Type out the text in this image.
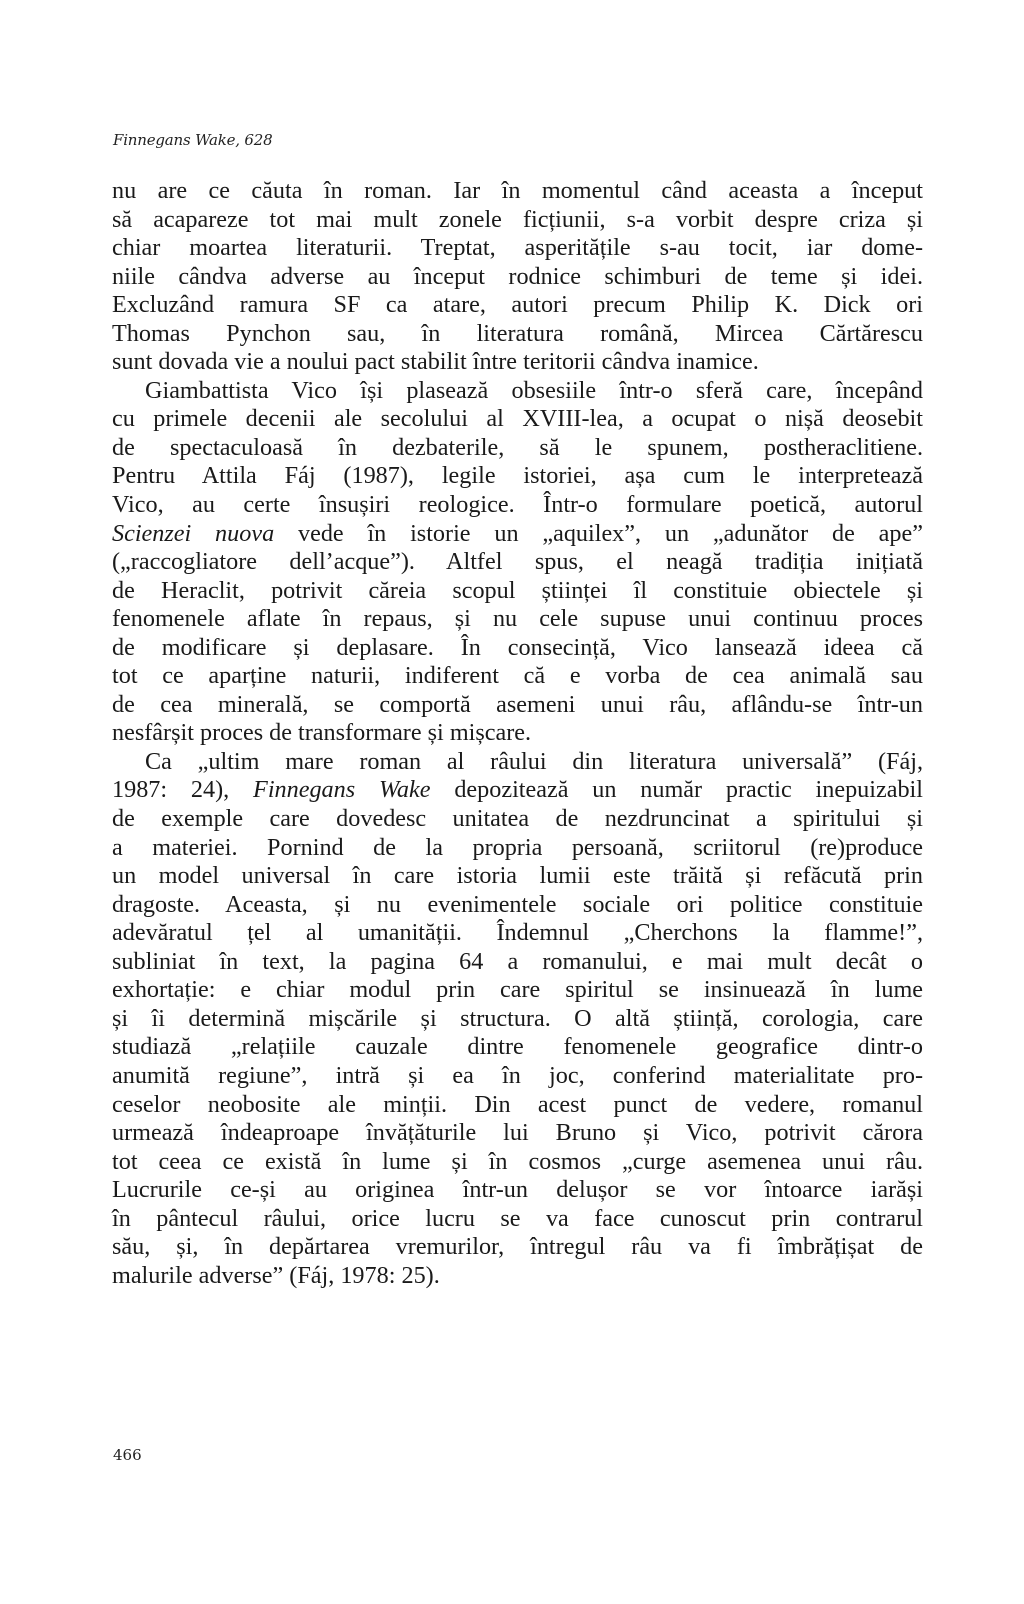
Finnegans Wake, 628
nu are ce căuta în roman. Iar în momentul când aceasta a început
să acapareze tot mai mult zonele ficțiunii, s-a vorbit despre criza și
chiar moartea literaturii. Treptat, asperitățile s-au tocit, iar dome-
niile cândva adverse au început rodnice schimburi de teme și idei.
Excluzând ramura SF ca atare, autori precum Philip K. Dick ori
Thomas Pynchon sau, în literatura română, Mircea Cărtărescu
sunt dovada vie a noului pact stabilit între teritorii cândva inamice.
Giambattista Vico își plasează obsesiile într-o sferă care, începând
cu primele decenii ale secolului al XVIII-lea, a ocupat o nișă deosebit
de spectaculoasă în dezbaterile, să le spunem, postheraclitiene.
Pentru Attila Fáj (1987), legile istoriei, așa cum le interpretează
Vico, au certe însușiri reologice. Într-o formulare poetică, autorul
Scienzei nuova vede în istorie un „aquilex”, un „adunător de ape”
(„raccogliatore dell’acque”). Altfel spus, el neagă tradiția inițiată
de Heraclit, potrivit căreia scopul științei îl constituie obiectele și
fenomenele aflate în repaus, și nu cele supuse unui continuu proces
de modificare și deplasare. În consecință, Vico lansează ideea că
tot ce aparține naturii, indiferent că e vorba de cea animală sau
de cea minerală, se comportă asemeni unui râu, aflându-se într-un
nesfârșit proces de transformare și mișcare.
Ca „ultim mare roman al râului din literatura universală” (Fáj,
1987: 24), Finnegans Wake depozitează un număr practic inepuizabil
de exemple care dovedesc unitatea de nezdruncinat a spiritului și
a materiei. Pornind de la propria persoană, scriitorul (re)produce
un model universal în care istoria lumii este trăită și refăcută prin
dragoste. Aceasta, și nu evenimentele sociale ori politice constituie
adevăratul țel al umanității. Îndemnul „Cherchons la flamme!”,
subliniat în text, la pagina 64 a romanului, e mai mult decât o
exhortație: e chiar modul prin care spiritul se insinuează în lume
și îi determină mișcările și structura. O altă știință, corologia, care
studiază „relațiile cauzale dintre fenomenele geografice dintr-o
anumită regiune”, intră și ea în joc, conferind materialitate pro-
ceselor neobosite ale minții. Din acest punct de vedere, romanul
urmează îndeaproape învățăturile lui Bruno și Vico, potrivit cărora
tot ceea ce există în lume și în cosmos „curge asemenea unui râu.
Lucrurile ce-și au originea într-un delușor se vor întoarce iarăși
în pântecul râului, orice lucru se va face cunoscut prin contrarul
său, și, în depărtarea vremurilor, întregul râu va fi îmbrățișat de
malurile adverse” (Fáj, 1978: 25).
466
